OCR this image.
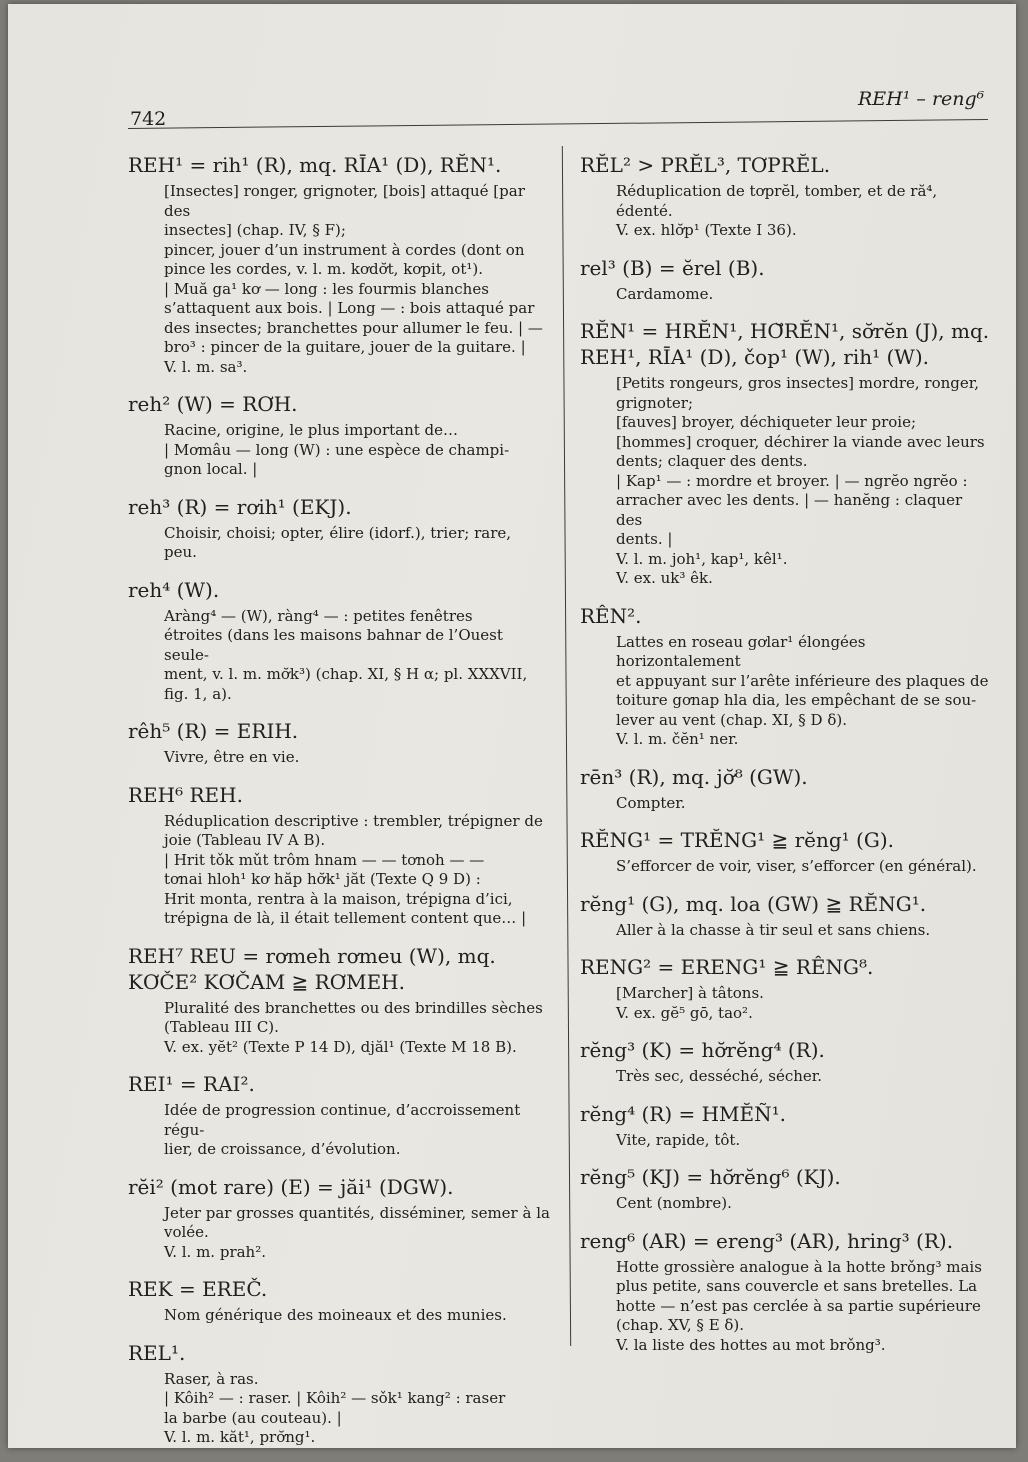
742
REH¹ – reng⁶
REH¹ = rih¹ (R), mq. RĪA¹ (D), RĔN¹.

[Insectes] ronger, grignoter, [bois] attaqué [par des

insectes] (chap. IV, § F);

pincer, jouer d’un instrument à cordes (dont on

pince les cordes, v. l. m. kơdơ̆t, kơpit, ot¹).

| Muă ga¹ kơ — long : les fourmis blanches

s’attaquent aux bois. | Long — : bois attaqué par

des insectes; branchettes pour allumer le feu. | —

bro³ : pincer de la guitare, jouer de la guitare. |

V. l. m. sa³.

reh² (W) = RƠH.

Racine, origine, le plus important de…

| Mơmâu — long (W) : une espèce de champi-

gnon local. |

reh³ (R) = rơih¹ (EKJ).

Choisir, choisi; opter, élire (idorf.), trier; rare,

peu.

reh⁴ (W).

Aràng⁴ — (W), ràng⁴ — : petites fenêtres

étroites (dans les maisons bahnar de l’Ouest seule-

ment, v. l. m. mơ̆k³) (chap. XI, § H α; pl. XXXVII,

fig. 1, a).

rêh⁵ (R) = ERIH.

Vivre, être en vie.

REH⁶ REH.

Réduplication descriptive : trembler, trépigner de

joie (Tableau IV A B).

| Hrit tǒk mǔt trôm hnam — — tơnoh — —

tơnai hloh¹ kơ hăp hơ̆k¹ jăt (Texte Q 9 D) :

Hrit monta, rentra à la maison, trépigna d’ici,

trépigna de là, il était tellement content que… |

REH⁷ REU = rơmeh rơmeu (W), mq. KƠČE² KƠČAM ≧ RƠMEH.

Pluralité des branchettes ou des brindilles sèches

(Tableau III C).

V. ex. yĕt² (Texte P 14 D), djăl¹ (Texte M 18 B).

REI¹ = RAI².

Idée de progression continue, d’accroissement régu-

lier, de croissance, d’évolution.

rĕi² (mot rare) (E) = jăi¹ (DGW).

Jeter par grosses quantités, disséminer, semer à la

volée.

V. l. m. prah².

REK = EREČ.

Nom générique des moineaux et des munies.

REL¹.

Raser, à ras.

| Kôih² — : raser. | Kôih² — sǒk¹ kang² : raser

la barbe (au couteau). |

V. l. m. kăt¹, prơ̆ng¹.

RĔL² > PRĔL³, TƠPRĔL.

Réduplication de tơprĕl, tomber, et de ră⁴, édenté.

V. ex. hlơ̆p¹ (Texte I 36).

rel³ (B) = ĕrel (B).

Cardamome.

RĔN¹ = HRĔN¹, HƠ̆RĔN¹, sơ̆rĕn (J), mq. REH¹, RĪA¹ (D), čop¹ (W), rih¹ (W).

[Petits rongeurs, gros insectes] mordre, ronger,

grignoter;

[fauves] broyer, déchiqueter leur proie;

[hommes] croquer, déchirer la viande avec leurs

dents; claquer des dents.

| Kap¹ — : mordre et broyer. | — ngrĕo ngrĕo :

arracher avec les dents. | — hanĕng : claquer des

dents. |

V. l. m. joh¹, kap¹, kêl¹.

V. ex. uk³ êk.

RÊN².

Lattes en roseau gơlar¹ élongées horizontalement

et appuyant sur l’arête inférieure des plaques de

toiture gơnap hla dia, les empêchant de se sou-

lever au vent (chap. XI, § D δ).

V. l. m. čĕn¹ ner.

rēn³ (R), mq. jơ̆⁸ (GW).

Compter.

RĔNG¹ = TRĔNG¹ ≧ rĕng¹ (G).

S’efforcer de voir, viser, s’efforcer (en général).

rĕng¹ (G), mq. loa (GW) ≧ RĔNG¹.

Aller à la chasse à tir seul et sans chiens.

RENG² = ERENG¹ ≧ RÊNG⁸.

[Marcher] à tâtons.

V. ex. gĕ⁵ gō, tao².

rĕng³ (K) = hơ̆rĕng⁴ (R).

Très sec, desséché, sécher.

rĕng⁴ (R) = HMĔÑ¹.

Vite, rapide, tôt.

rĕng⁵ (KJ) = hơ̆rĕng⁶ (KJ).

Cent (nombre).

reng⁶ (AR) = ereng³ (AR), hring³ (R).

Hotte grossière analogue à la hotte brǒng³ mais

plus petite, sans couvercle et sans bretelles. La

hotte — n’est pas cerclée à sa partie supérieure

(chap. XV, § E δ).

V. la liste des hottes au mot brǒng³.
